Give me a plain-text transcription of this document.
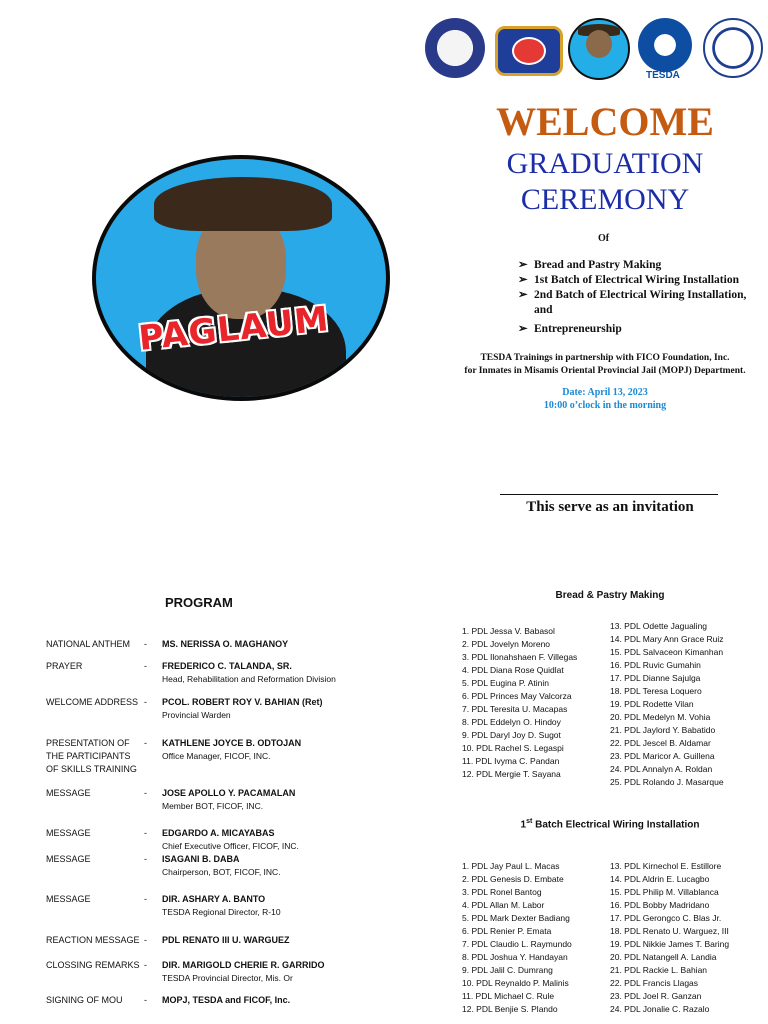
TESDA
PAGLAUM
WELCOME
GRADUATION
CEREMONY
Of
➢ Bread and Pastry Making
➢ 1st Batch of Electrical Wiring Installation
➢ 2nd Batch of Electrical Wiring Installation,
and
➢ Entrepreneurship
TESDA Trainings in partnership with FICO Foundation, Inc.
for Inmates in Misamis Oriental Provincial Jail (MOPJ) Department.
Date: April 13, 2023
10:00 o’clock in the morning
This serve as an invitation
PROGRAM
NATIONAL ANTHEM	- MS. NERISSA O. MAGHANOY
PRAYER	- FREDERICO C. TALANDA, SR.
Head, Rehabilitation and Reformation Division
WELCOME ADDRESS - PCOL. ROBERT ROY V. BAHIAN (Ret)
Provincial Warden
PRESENTATION OF THE PARTICIPANTS OF SKILLS TRAINING
- KATHLENE JOYCE B. ODTOJAN
Office Manager, FICOF, INC.
MESSAGE	- JOSE APOLLO Y. PACAMALAN
Member BOT, FICOF, INC.
MESSAGE	- EDGARDO A. MICAYABAS
Chief Executive Officer, FICOF, INC.
MESSAGE	- ISAGANI B. DABA
Chairperson, BOT, FICOF, INC.
MESSAGE	- DIR. ASHARY A. BANTO
TESDA Regional Director, R-10
REACTION MESSAGE - PDL RENATO III U. WARGUEZ
CLOSSING REMARKS - DIR. MARIGOLD CHERIE R. GARRIDO
TESDA Provincial Director, Mis. Or
SIGNING OF MOU	- MOPJ, TESDA and FICOF, Inc.
Bread & Pastry Making
1. PDL Jessa V. Babasol
2. PDL Jovelyn Moreno
3. PDL Ilonahshaen F. Villegas
4. PDL Diana Rose Quidlat
5. PDL Eugina P. Atinin
6. PDL Princes May Valcorza
7. PDL Teresita U. Macapas
8. PDL Eddelyn O. Hindoy
9. PDL Daryl Joy D. Sugot
10. PDL Rachel S. Legaspi
11. PDL Ivyma C. Pandan
12. PDL Mergie T. Sayana
13. PDL Odette Jagualing
14. PDL Mary Ann Grace Ruiz
15. PDL Salvaceon Kimanhan
16. PDL Ruvic Gumahin
17. PDL Dianne Sajulga
18. PDL Teresa Loquero
19. PDL Rodette Vilan
20. PDL Medelyn M. Vohia
21. PDL Jaylord Y. Babatido
22. PDL Jescel B. Aldamar
23. PDL Maricor A. Guillena
24. PDL Annalyn A. Roldan
25. PDL Rolando J. Masarque
1st Batch Electrical Wiring Installation
1. PDL Jay Paul L. Macas
2. PDL Genesis D. Embate
3. PDL Ronel Bantog
4. PDL Allan M. Labor
5. PDL Mark Dexter Badiang
6. PDL Renier P. Emata
7. PDL Claudio L. Raymundo
8. PDL Joshua Y. Handayan
9. PDL Jalil C. Dumrang
10. PDL Reynaldo P. Malinis
11. PDL Michael C. Rule
12. PDL Benjie S. Plando
13. PDL Kirnechol E. Estillore
14. PDL Aldrin E. Lucagbo
15. PDL Philip M. Villablanca
16. PDL Bobby Madridano
17. PDL Gerongco C. Blas Jr.
18. PDL Renato U. Warguez, III
19. PDL Nikkie James T. Baring
20. PDL Natangell A. Landia
21. PDL Rackie L. Bahian
22. PDL Francis Llagas
23. PDL Joel R. Ganzan
24. PDL Jonalie C. Razalo
